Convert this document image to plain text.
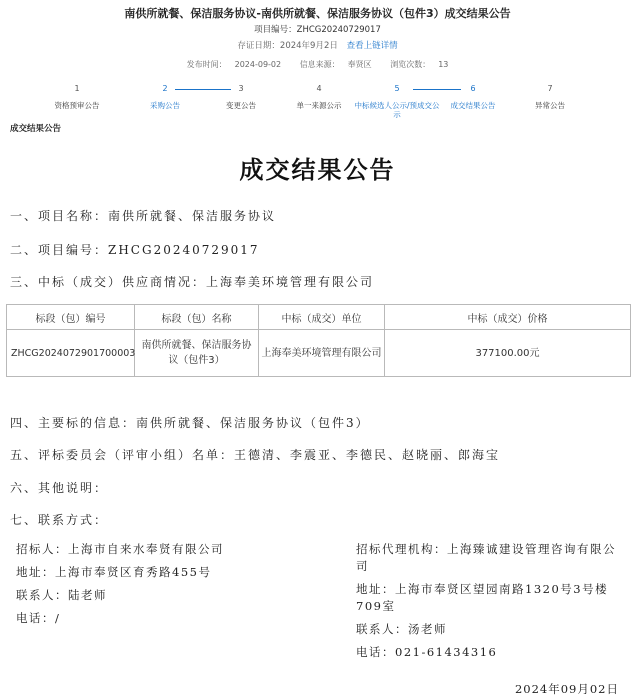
南供所就餐、保洁服务协议-南供所就餐、保洁服务协议（包件3）成交结果公告
项目编号：ZHCG20240729017
存证日期：2024年9月2日 查看上链详情
发布时间： 2024-09-02 信息来源： 奉贤区 浏览次数： 13
1
资格预审公告
2
采购公告
3
变更公告
4
单一来源公示
5
中标候选人公示/预成交公示
6
成交结果公告
7
异常公告
成交结果公告
成交结果公告
一、项目名称：南供所就餐、保洁服务协议
二、项目编号：ZHCG20240729017
三、中标（成交）供应商情况：上海奉美环境管理有限公司
标段（包）编号	标段（包）名称	中标（成交）单位	中标（成交）价格
ZHCG2024072901700003	南供所就餐、保洁服务协议（包件3）	上海奉美环境管理有限公司	377100.00元
四、主要标的信息：南供所就餐、保洁服务协议（包件3）
五、评标委员会（评审小组）名单：王德清、李震亚、李德民、赵晓丽、郎海宝
六、其他说明：
七、联系方式：
招标人：上海市自来水奉贤有限公司
地址：上海市奉贤区育秀路455号
联系人：陆老师
电话：/
招标代理机构：上海臻诚建设管理咨询有限公司
地址：上海市奉贤区望园南路1320号3号楼709室
联系人：汤老师
电话：021-61434316
2024年09月02日
